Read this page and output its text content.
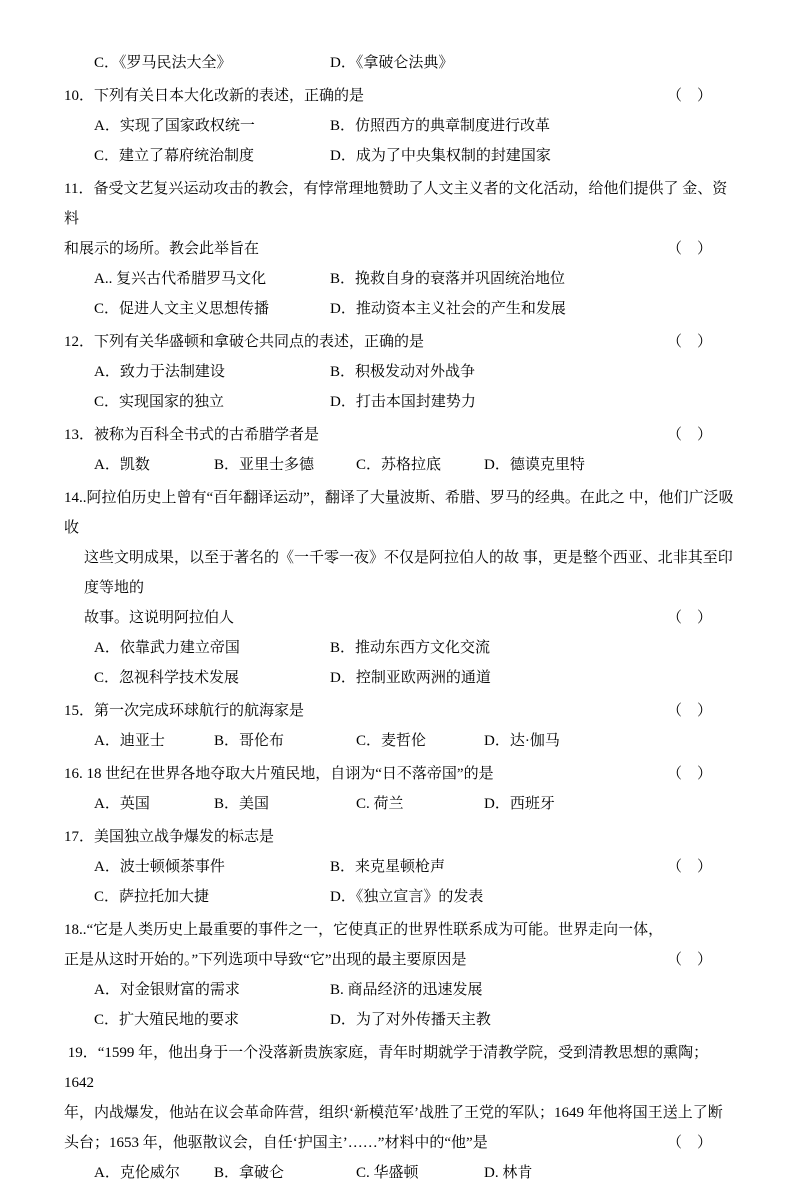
C．《罗马民法大全》	D．《拿破仑法典》
10．下列有关日本大化改新的表述，正确的是	（    ）
A．实现了国家政权统一	B．仿照西方的典章制度进行改革
C．建立了幕府统治制度	D．成为了中央集权制的封建国家
11．备受文艺复兴运动攻击的教会，有悖常理地赞助了人文主义者的文化活动，给他们提供了 金、资料
和展示的场所。教会此举旨在	（    ）
A.. 复兴古代希腊罗马文化	B．挽救自身的衰落并巩固统治地位
C．促进人文主义思想传播	D．推动资本主义社会的产生和发展
12．下列有关华盛顿和拿破仑共同点的表述，正确的是	（    ）
A．致力于法制建设	B．积极发动对外战争
C．实现国家的独立	D．打击本国封建势力
13．被称为百科全书式的古希腊学者是	（    ）
A．凯数	B．亚里士多德	C．苏格拉底	D．德谟克里特
14..阿拉伯历史上曾有“百年翻译运动”，翻译了大量波斯、希腊、罗马的经典。在此之 中，他们广泛吸收
这些文明成果，以至于著名的《一千零一夜》不仅是阿拉伯人的故 事，更是整个西亚、北非其至印度等地的
故事。这说明阿拉伯人	（    ）
A．依靠武力建立帝国	B．推动东西方文化交流
C．忽视科学技术发展	D．控制亚欧两洲的通道
15．第一次完成环球航行的航海家是	（    ）
A．迪亚士	B．哥伦布	C．麦哲伦	D．达·伽马
16. 18 世纪在世界各地夺取大片殖民地，自诩为“日不落帝国”的是	（    ）
A．英国	B．美国	C. 荷兰	D．西班牙
17．美国独立战争爆发的标志是
A．波士顿倾茶事件	B．来克星顿枪声	（    ）
C．萨拉托加大捷	D．《独立宣言》的发表
18..“它是人类历史上最重要的事件之一，它使真正的世界性联系成为可能。世界走向一体，
正是从这时开始的。”下列选项中导致“它”出现的最主要原因是	（    ）
A．对金银财富的需求	B. 商品经济的迅速发展
C．扩大殖民地的要求	D．为了对外传播天主教
19．“1599 年，他出身于一个没落新贵族家庭，青年时期就学于清教学院，受到清教思想的熏陶；1642
年，内战爆发，他站在议会革命阵营，组织‘新模范军’战胜了王党的军队；1649 年他将国王送上了断
头台；1653 年，他驱散议会，自任‘护国主’……”材料中的“他”是	（    ）
A．克伦威尔	B．拿破仑	C. 华盛顿	D. 林肯
